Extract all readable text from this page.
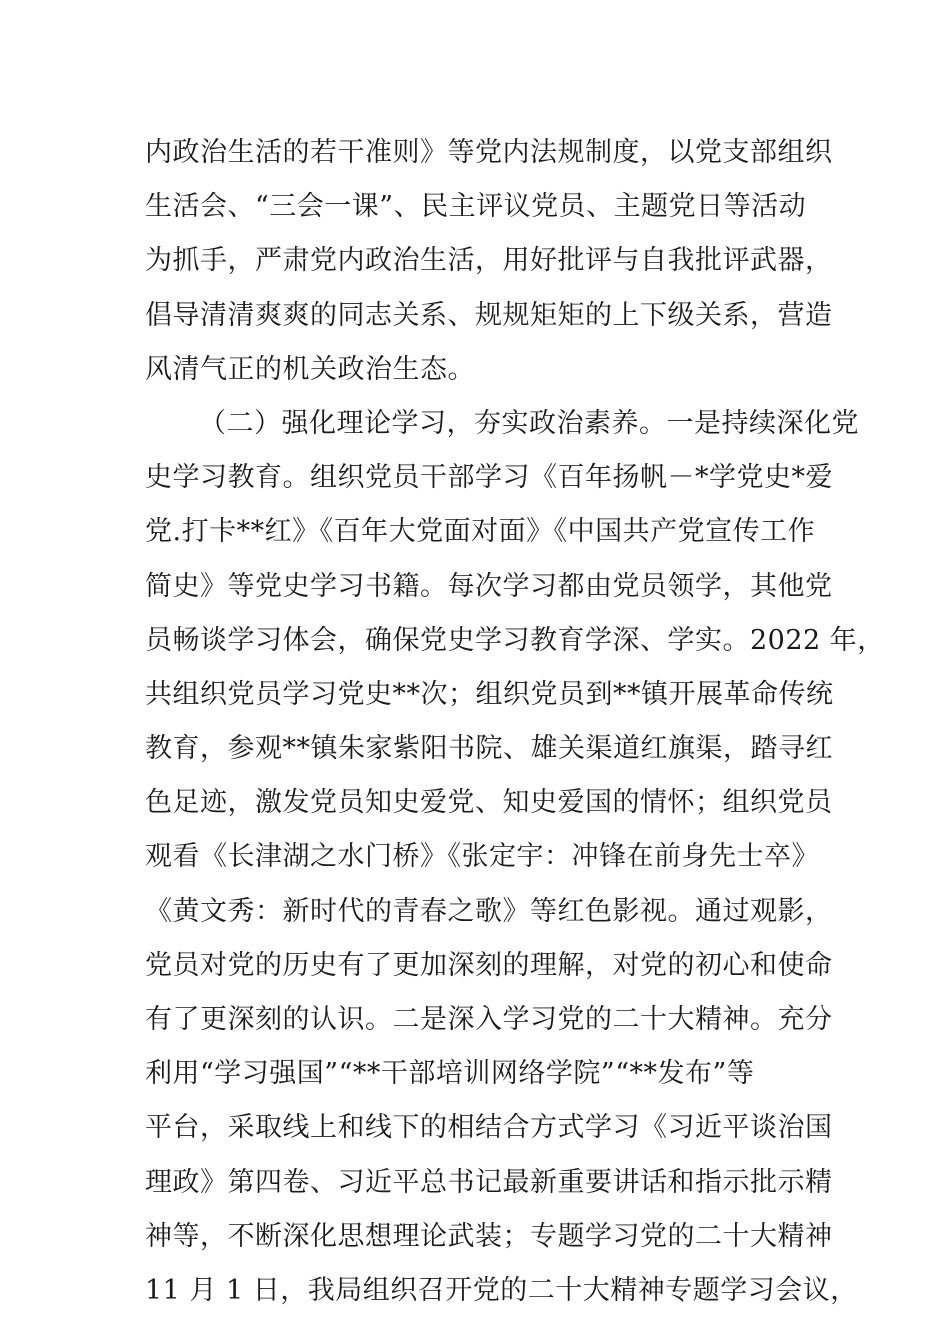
内政治生活的若干准则》等党内法规制度，以党支部组织
生活会、“三会一课”、民主评议党员、主题党日等活动
为抓手，严肃党内政治生活，用好批评与自我批评武器，
倡导清清爽爽的同志关系、规规矩矩的上下级关系，营造
风清气正的机关政治生态。
（二）强化理论学习，夯实政治素养。一是持续深化党
史学习教育。组织党员干部学习《百年扬帆－*学党史*爱
党.打卡**红》《百年大党面对面》《中国共产党宣传工作
简史》等党史学习书籍。每次学习都由党员领学，其他党
员畅谈学习体会，确保党史学习教育学深、学实。2022 年，
共组织党员学习党史**次；组织党员到**镇开展革命传统
教育，参观**镇朱家紫阳书院、雄关渠道红旗渠，踏寻红
色足迹，激发党员知史爱党、知史爱国的情怀；组织党员
观看《长津湖之水门桥》《张定宇：冲锋在前身先士卒》
《黄文秀：新时代的青春之歌》等红色影视。通过观影，
党员对党的历史有了更加深刻的理解，对党的初心和使命
有了更深刻的认识。二是深入学习党的二十大精神。充分
利用“学习强国”“**干部培训网络学院”“**发布”等
平台，采取线上和线下的相结合方式学习《习近平谈治国
理政》第四卷、习近平总书记最新重要讲话和指示批示精
神等，不断深化思想理论武装；专题学习党的二十大精神
11 月 1 日，我局组织召开党的二十大精神专题学习会议，
